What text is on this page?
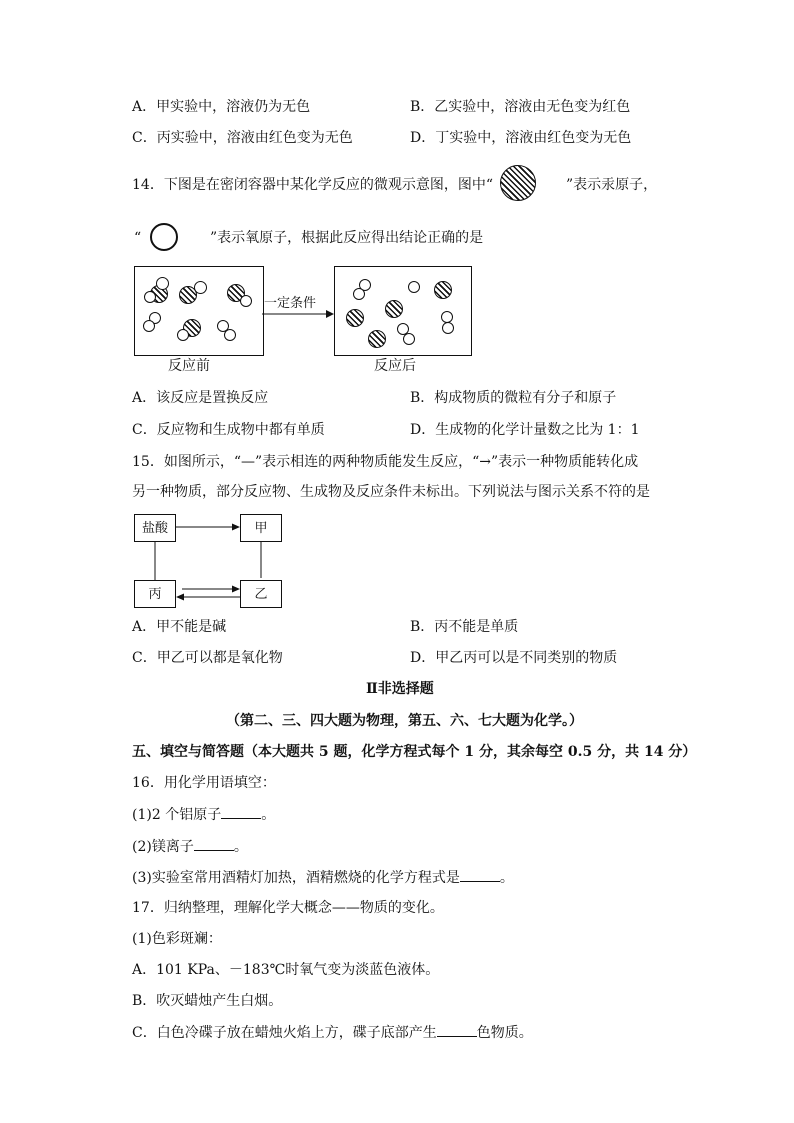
A．甲实验中，溶液仍为无色	B．乙实验中，溶液由无色变为红色
C．丙实验中，溶液由红色变为无色	D．丁实验中，溶液由红色变为无色
14．下图是在密闭容器中某化学反应的微观示意图，图中“	”表示汞原子，
“	”表示氧原子，根据此反应得出结论正确的是
一定条件
反应前	反应后
A．该反应是置换反应	B．构成物质的微粒有分子和原子
C．反应物和生成物中都有单质	D．生成物的化学计量数之比为 1：1
15．如图所示，“—”表示相连的两种物质能发生反应，“→”表示一种物质能转化成
另一种物质，部分反应物、生成物及反应条件未标出。下列说法与图示关系不符的是
盐酸	甲
丙	乙
A．甲不能是碱	B．丙不能是单质
C．甲乙可以都是氧化物	D．甲乙丙可以是不同类别的物质
Ⅱ非选择题
（第二、三、四大题为物理，第五、六、七大题为化学。）
五、填空与简答题（本大题共 5 题，化学方程式每个 1 分，其余每空 0.5 分，共 14 分）
16．用化学用语填空：
(1)2 个铝原子	。
(2)镁离子	。
(3)实验室常用酒精灯加热，酒精燃烧的化学方程式是	。
17．归纳整理，理解化学大概念——物质的变化。
(1)色彩斑斓：
A．101 KPa、－183℃时氧气变为淡蓝色液体。
B．吹灭蜡烛产生白烟。
C．白色冷碟子放在蜡烛火焰上方，碟子底部产生	色物质。
